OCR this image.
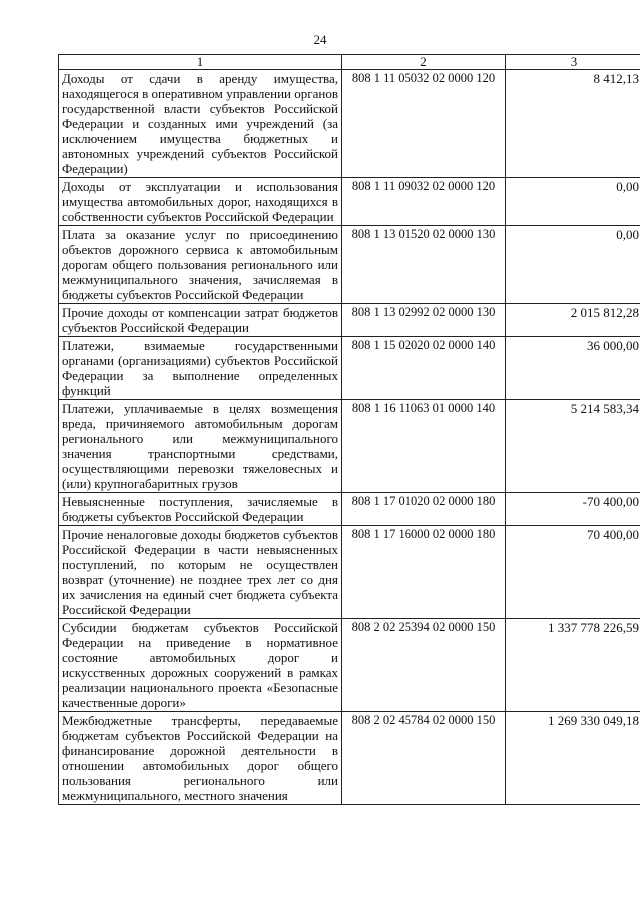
24
1	2	3
Доходы от сдачи в аренду имущества, находящегося в оперативном управлении органов государственной власти субъектов Российской Федерации и созданных ими учреждений (за исключением имущества бюджетных и автономных учреждений субъектов Российской Федерации)	808 1 11 05032 02 0000 120	8 412,13
Доходы от эксплуатации и использования имущества автомобильных дорог, находящихся в собственности субъектов Российской Федерации	808 1 11 09032 02 0000 120	0,00
Плата за оказание услуг по присоединению объектов дорожного сервиса к автомобильным дорогам общего пользования регионального или межмуниципального значения, зачисляемая в бюджеты субъектов Российской Федерации	808 1 13 01520 02 0000 130	0,00
Прочие доходы от компенсации затрат бюджетов субъектов Российской Федерации	808 1 13 02992 02 0000 130	2 015 812,28
Платежи, взимаемые государственными органами (организациями) субъектов Российской Федерации за выполнение определенных функций	808 1 15 02020 02 0000 140	36 000,00
Платежи, уплачиваемые в целях возмещения вреда, причиняемого автомобильным дорогам регионального или межмуниципального значения транспортными средствами, осуществляющими перевозки тяжеловесных и (или) крупногабаритных грузов	808 1 16 11063 01 0000 140	5 214 583,34
Невыясненные поступления, зачисляемые в бюджеты субъектов Российской Федерации	808 1 17 01020 02 0000 180	-70 400,00
Прочие неналоговые доходы бюджетов субъектов Российской Федерации в части невыясненных поступлений, по которым не осуществлен возврат (уточнение) не позднее трех лет со дня их зачисления на единый счет бюджета субъекта Российской Федерации	808 1 17 16000 02 0000 180	70 400,00
Субсидии бюджетам субъектов Российской Федерации на приведение в нормативное состояние автомобильных дорог и искусственных дорожных сооружений в рамках реализации национального проекта «Безопасные качественные дороги»	808 2 02 25394 02 0000 150	1 337 778 226,59
Межбюджетные трансферты, передаваемые бюджетам субъектов Российской Федерации на финансирование дорожной деятельности в отношении автомобильных дорог общего пользования регионального или межмуниципального, местного значения	808 2 02 45784 02 0000 150	1 269 330 049,18
